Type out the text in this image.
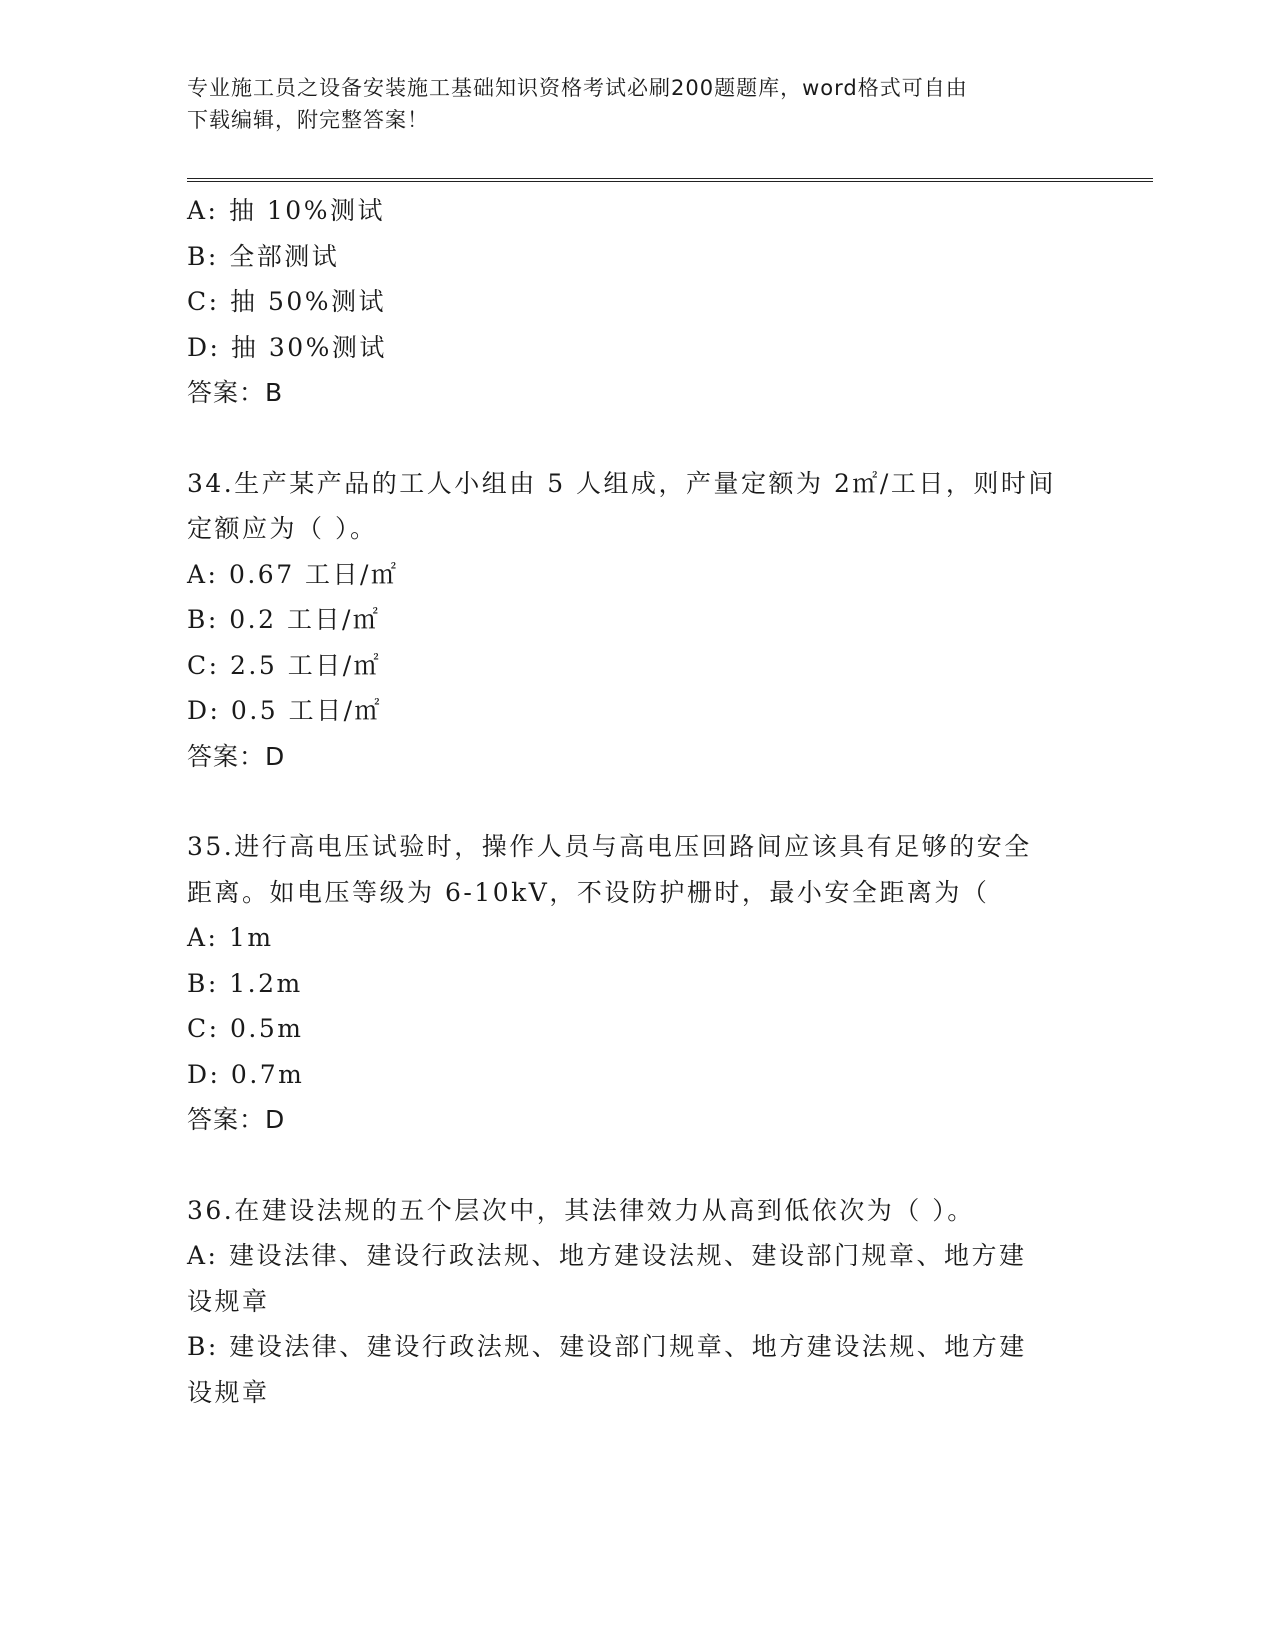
专业施工员之设备安装施工基础知识资格考试必刷200题题库，word格式可自由
下载编辑，附完整答案！
A: 抽 10%测试
B: 全部测试
C: 抽 50%测试
D: 抽 30%测试
答案：B
34.生产某产品的工人小组由 5 人组成，产量定额为 2㎡/工日，则时间
定额应为（ ）。
A: 0.67 工日/㎡
B: 0.2 工日/㎡
C: 2.5 工日/㎡
D: 0.5 工日/㎡
答案：D
35.进行高电压试验时，操作人员与高电压回路间应该具有足够的安全
距离。如电压等级为 6-10kV，不设防护栅时，最小安全距离为（
A: 1m
B: 1.2m
C: 0.5m
D: 0.7m
答案：D
36.在建设法规的五个层次中，其法律效力从高到低依次为（ ）。
A: 建设法律、建设行政法规、地方建设法规、建设部门规章、地方建
设规章
B: 建设法律、建设行政法规、建设部门规章、地方建设法规、地方建
设规章
